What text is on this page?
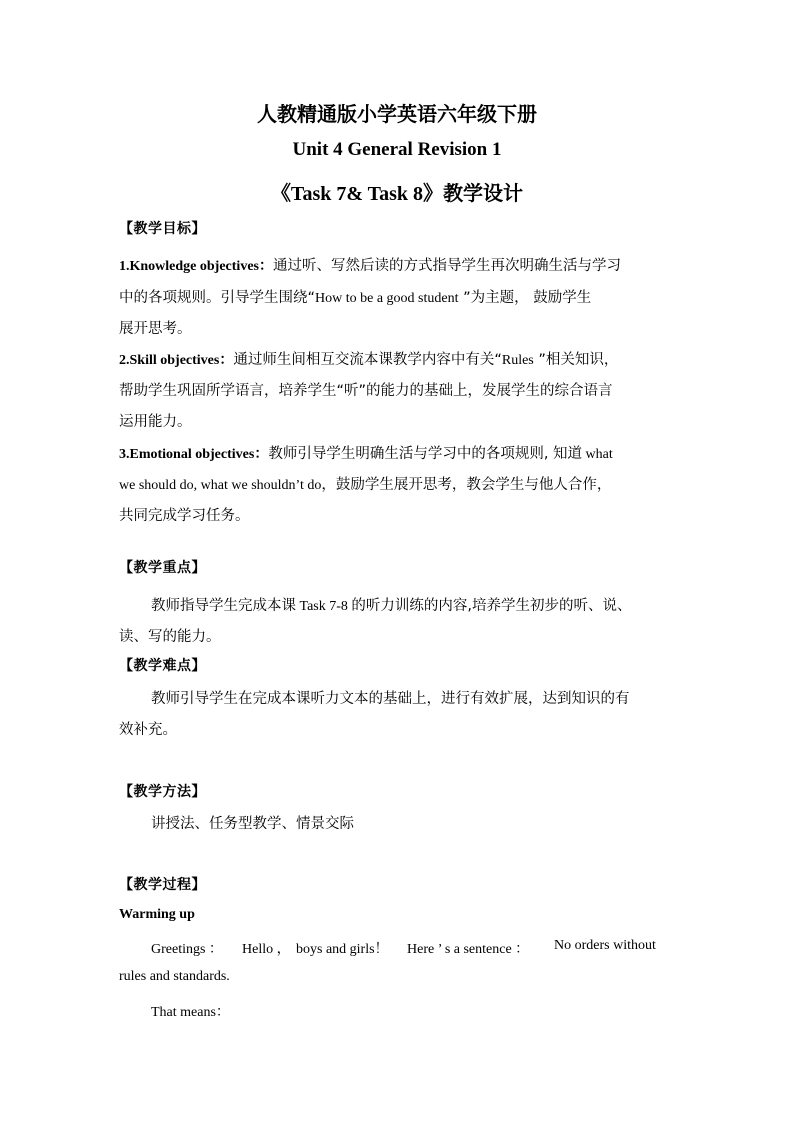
人教精通版小学英语六年级下册
Unit 4 General Revision 1
《Task 7& Task 8》教学设计
【教学目标】
1.Knowledge objectives：通过听、写然后读的方式指导学生再次明确生活与学习
中的各项规则。引导学生围绕“How to be a good student ”为主题， 鼓励学生
展开思考。
2.Skill objectives：通过师生间相互交流本课教学内容中有关“Rules ”相关知识，
帮助学生巩固所学语言，培养学生“听”的能力的基础上，发展学生的综合语言
运用能力。
3.Emotional objectives：教师引导学生明确生活与学习中的各项规则, 知道 what
we should do, what we shouldn’t do，鼓励学生展开思考，教会学生与他人合作，
共同完成学习任务。
【教学重点】
教师指导学生完成本课 Task 7-8 的听力训练的内容,培养学生初步的听、说、
读、写的能力。
【教学难点】
教师引导学生在完成本课听力文本的基础上，进行有效扩展，达到知识的有
效补充。
【教学方法】
讲授法、任务型教学、情景交际
【教学过程】
Warming up
Greetings ： Hello ， boys and girls！ Here ’ s a sentence ： No orders without
rules and standards.
That means：
